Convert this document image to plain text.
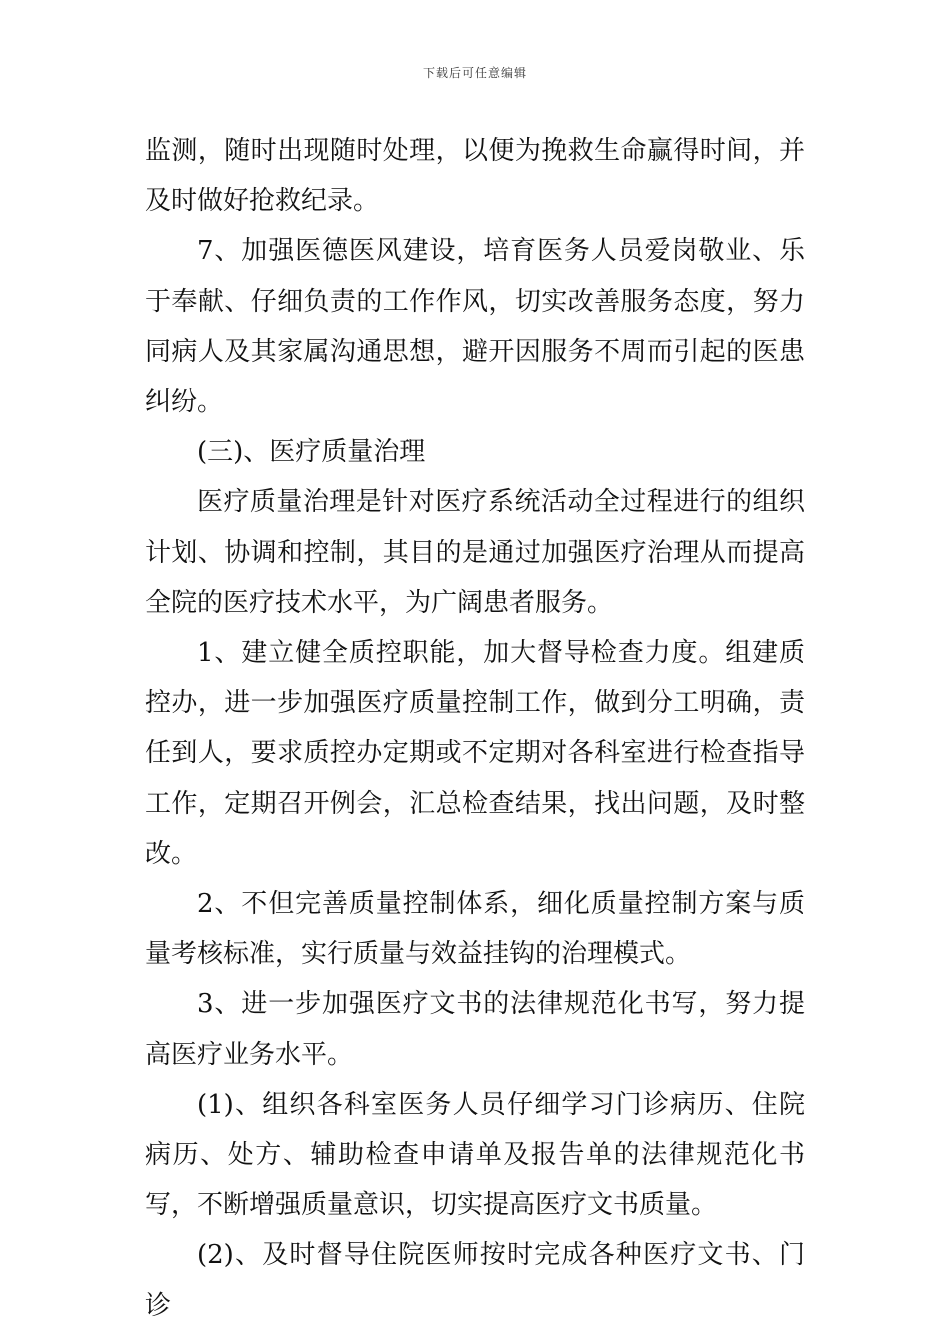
下载后可任意编辑

监测，随时出现随时处理，以便为挽救生命赢得时间，并及时做好抢救纪录。

7、加强医德医风建设，培育医务人员爱岗敬业、乐于奉献、仔细负责的工作作风，切实改善服务态度，努力同病人及其家属沟通思想，避开因服务不周而引起的医患纠纷。

(三)、医疗质量治理

医疗质量治理是针对医疗系统活动全过程进行的组织计划、协调和控制，其目的是通过加强医疗治理从而提高全院的医疗技术水平，为广阔患者服务。

1、建立健全质控职能，加大督导检查力度。组建质控办，进一步加强医疗质量控制工作，做到分工明确，责任到人，要求质控办定期或不定期对各科室进行检查指导工作，定期召开例会，汇总检查结果，找出问题，及时整改。

2、不但完善质量控制体系，细化质量控制方案与质量考核标准，实行质量与效益挂钩的治理模式。

3、进一步加强医疗文书的法律规范化书写，努力提高医疗业务水平。

(1)、组织各科室医务人员仔细学习门诊病历、住院病历、处方、辅助检查申请单及报告单的法律规范化书写，不断增强质量意识，切实提高医疗文书质量。

(2)、及时督导住院医师按时完成各种医疗文书、门诊
